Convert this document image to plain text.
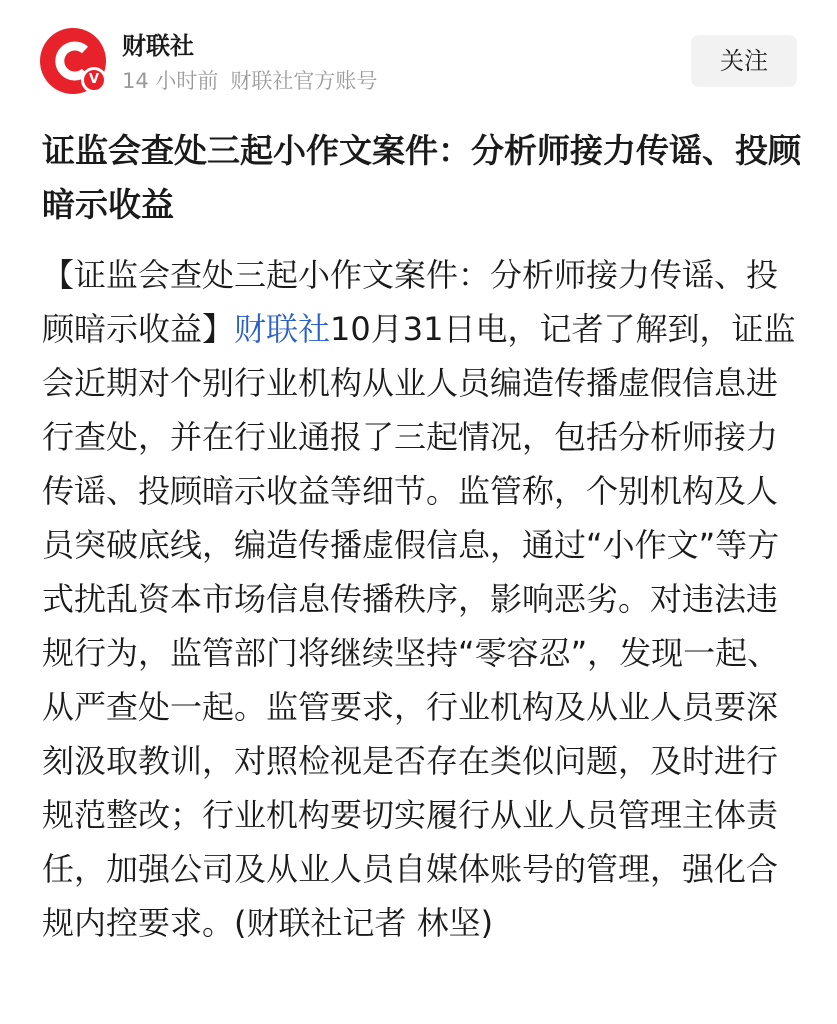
V
财联社
14 小时前 财联社官方账号
关注
证监会查处三起小作文案件：分析师接力传谣、投顾暗示收益

【证监会查处三起小作文案件：分析师接力传谣、投顾暗示收益】财联社10月31日电，记者了解到，证监会近期对个别行业机构从业人员编造传播虚假信息进行查处，并在行业通报了三起情况，包括分析师接力传谣、投顾暗示收益等细节。监管称，个别机构及人员突破底线，编造传播虚假信息，通过“小作文”等方式扰乱资本市场信息传播秩序，影响恶劣。对违法违规行为，监管部门将继续坚持“零容忍”，发现一起、从严查处一起。监管要求，行业机构及从业人员要深刻汲取教训，对照检视是否存在类似问题，及时进行规范整改；行业机构要切实履行从业人员管理主体责任，加强公司及从业人员自媒体账号的管理，强化合规内控要求。(财联社记者 林坚)
